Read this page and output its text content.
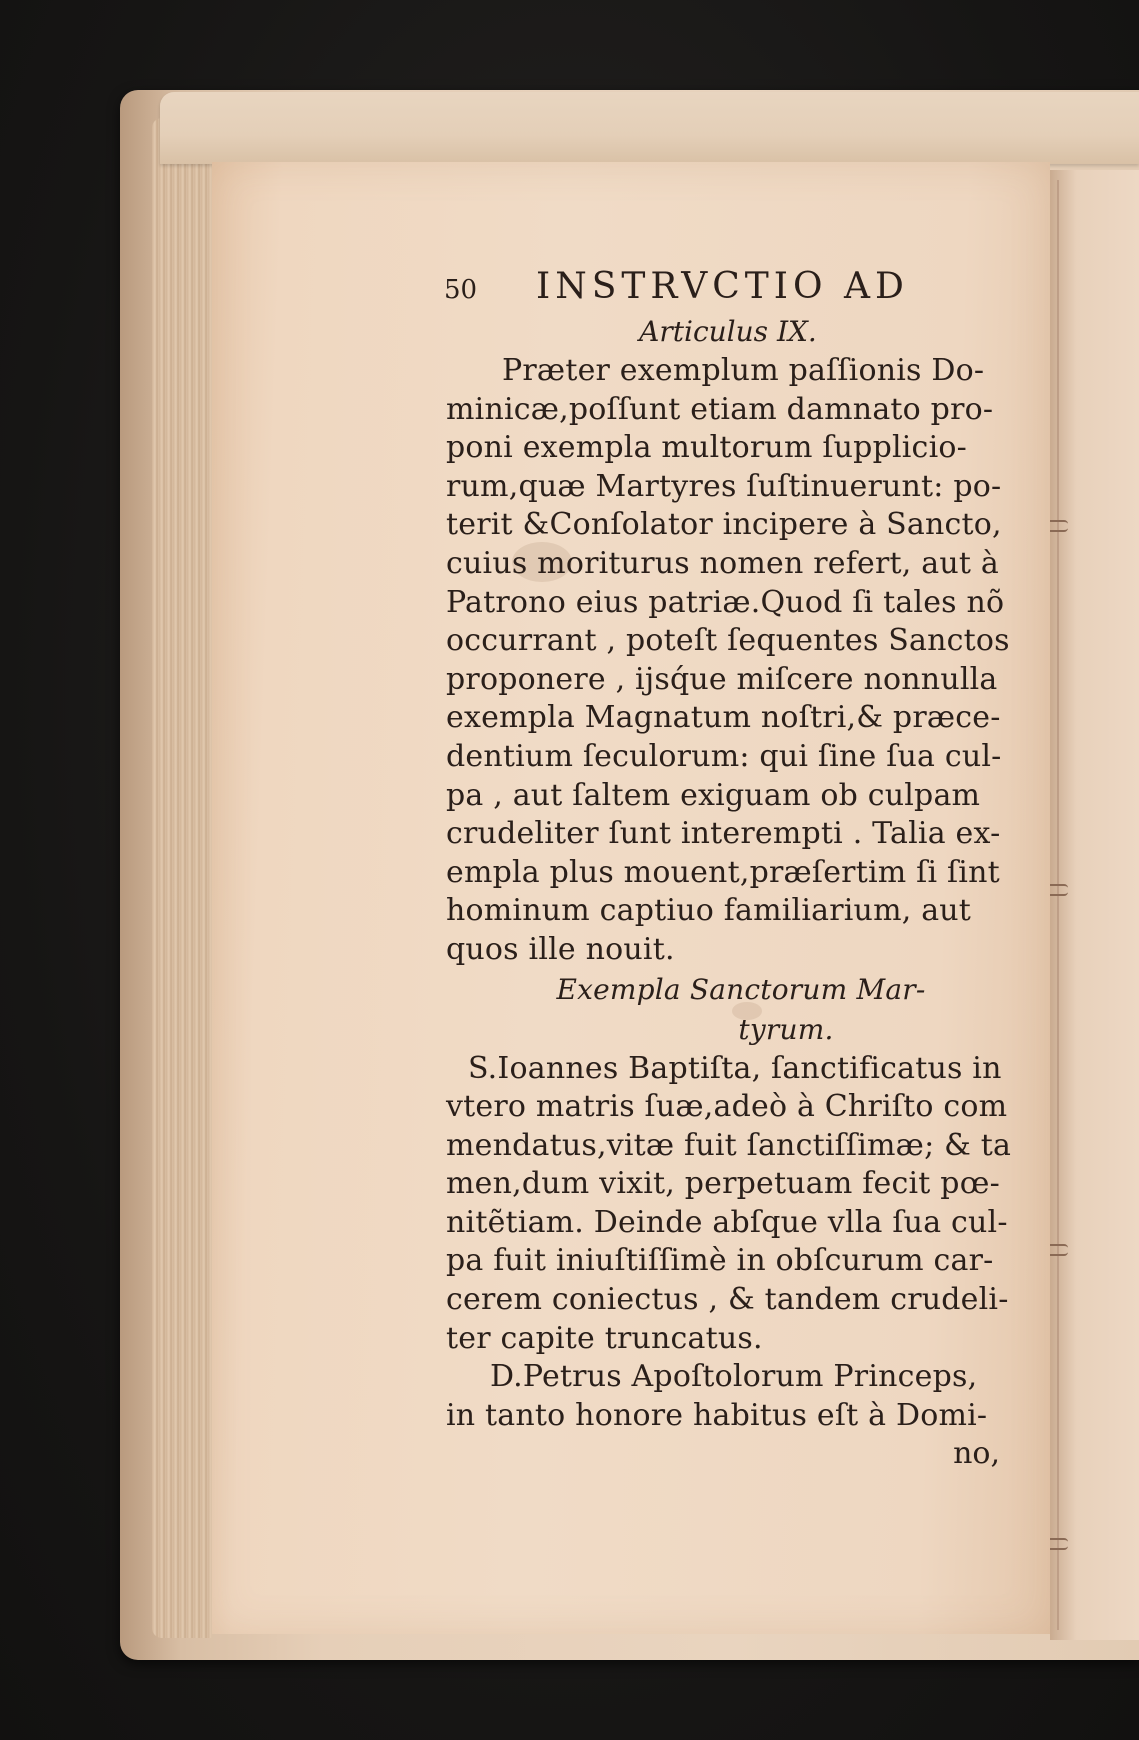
50	INSTRVCTIO AD
Articulus IX.
Præter exemplum paſſionis Do-
minicæ,poſſunt etiam damnato pro-
poni exempla multorum ſupplicio-
rum,quæ Martyres ſuſtinuerunt: po-
terit &Conſolator incipere à Sancto,
cuius moriturus nomen refert, aut à
Patrono eius patriæ.Quod ſi tales nõ
occurrant , poteſt ſequentes Sanctos
proponere , ijsq́ue miſcere nonnulla
exempla Magnatum noſtri,& præce-
dentium ſeculorum: qui ſine ſua cul-
pa , aut ſaltem exiguam ob culpam
crudeliter ſunt interempti . Talia ex-
empla plus mouent,præſertim ſi ſint
hominum captiuo familiarium, aut
quos ille nouit.
Exempla Sanctorum Mar-
tyrum.
S.Ioannes Baptiſta, ſanctificatus in
vtero matris ſuæ,adeò à Chriſto com
mendatus,vitæ fuit ſanctiſſimæ; & ta
men,dum vixit, perpetuam fecit pœ-
nitẽtiam. Deinde abſque vlla ſua cul-
pa fuit iniuſtiſſimè in obſcurum car-
cerem coniectus , & tandem crudeli-
ter capite truncatus.
D.Petrus Apoſtolorum Princeps,
in tanto honore habitus eſt à Domi-
no,
